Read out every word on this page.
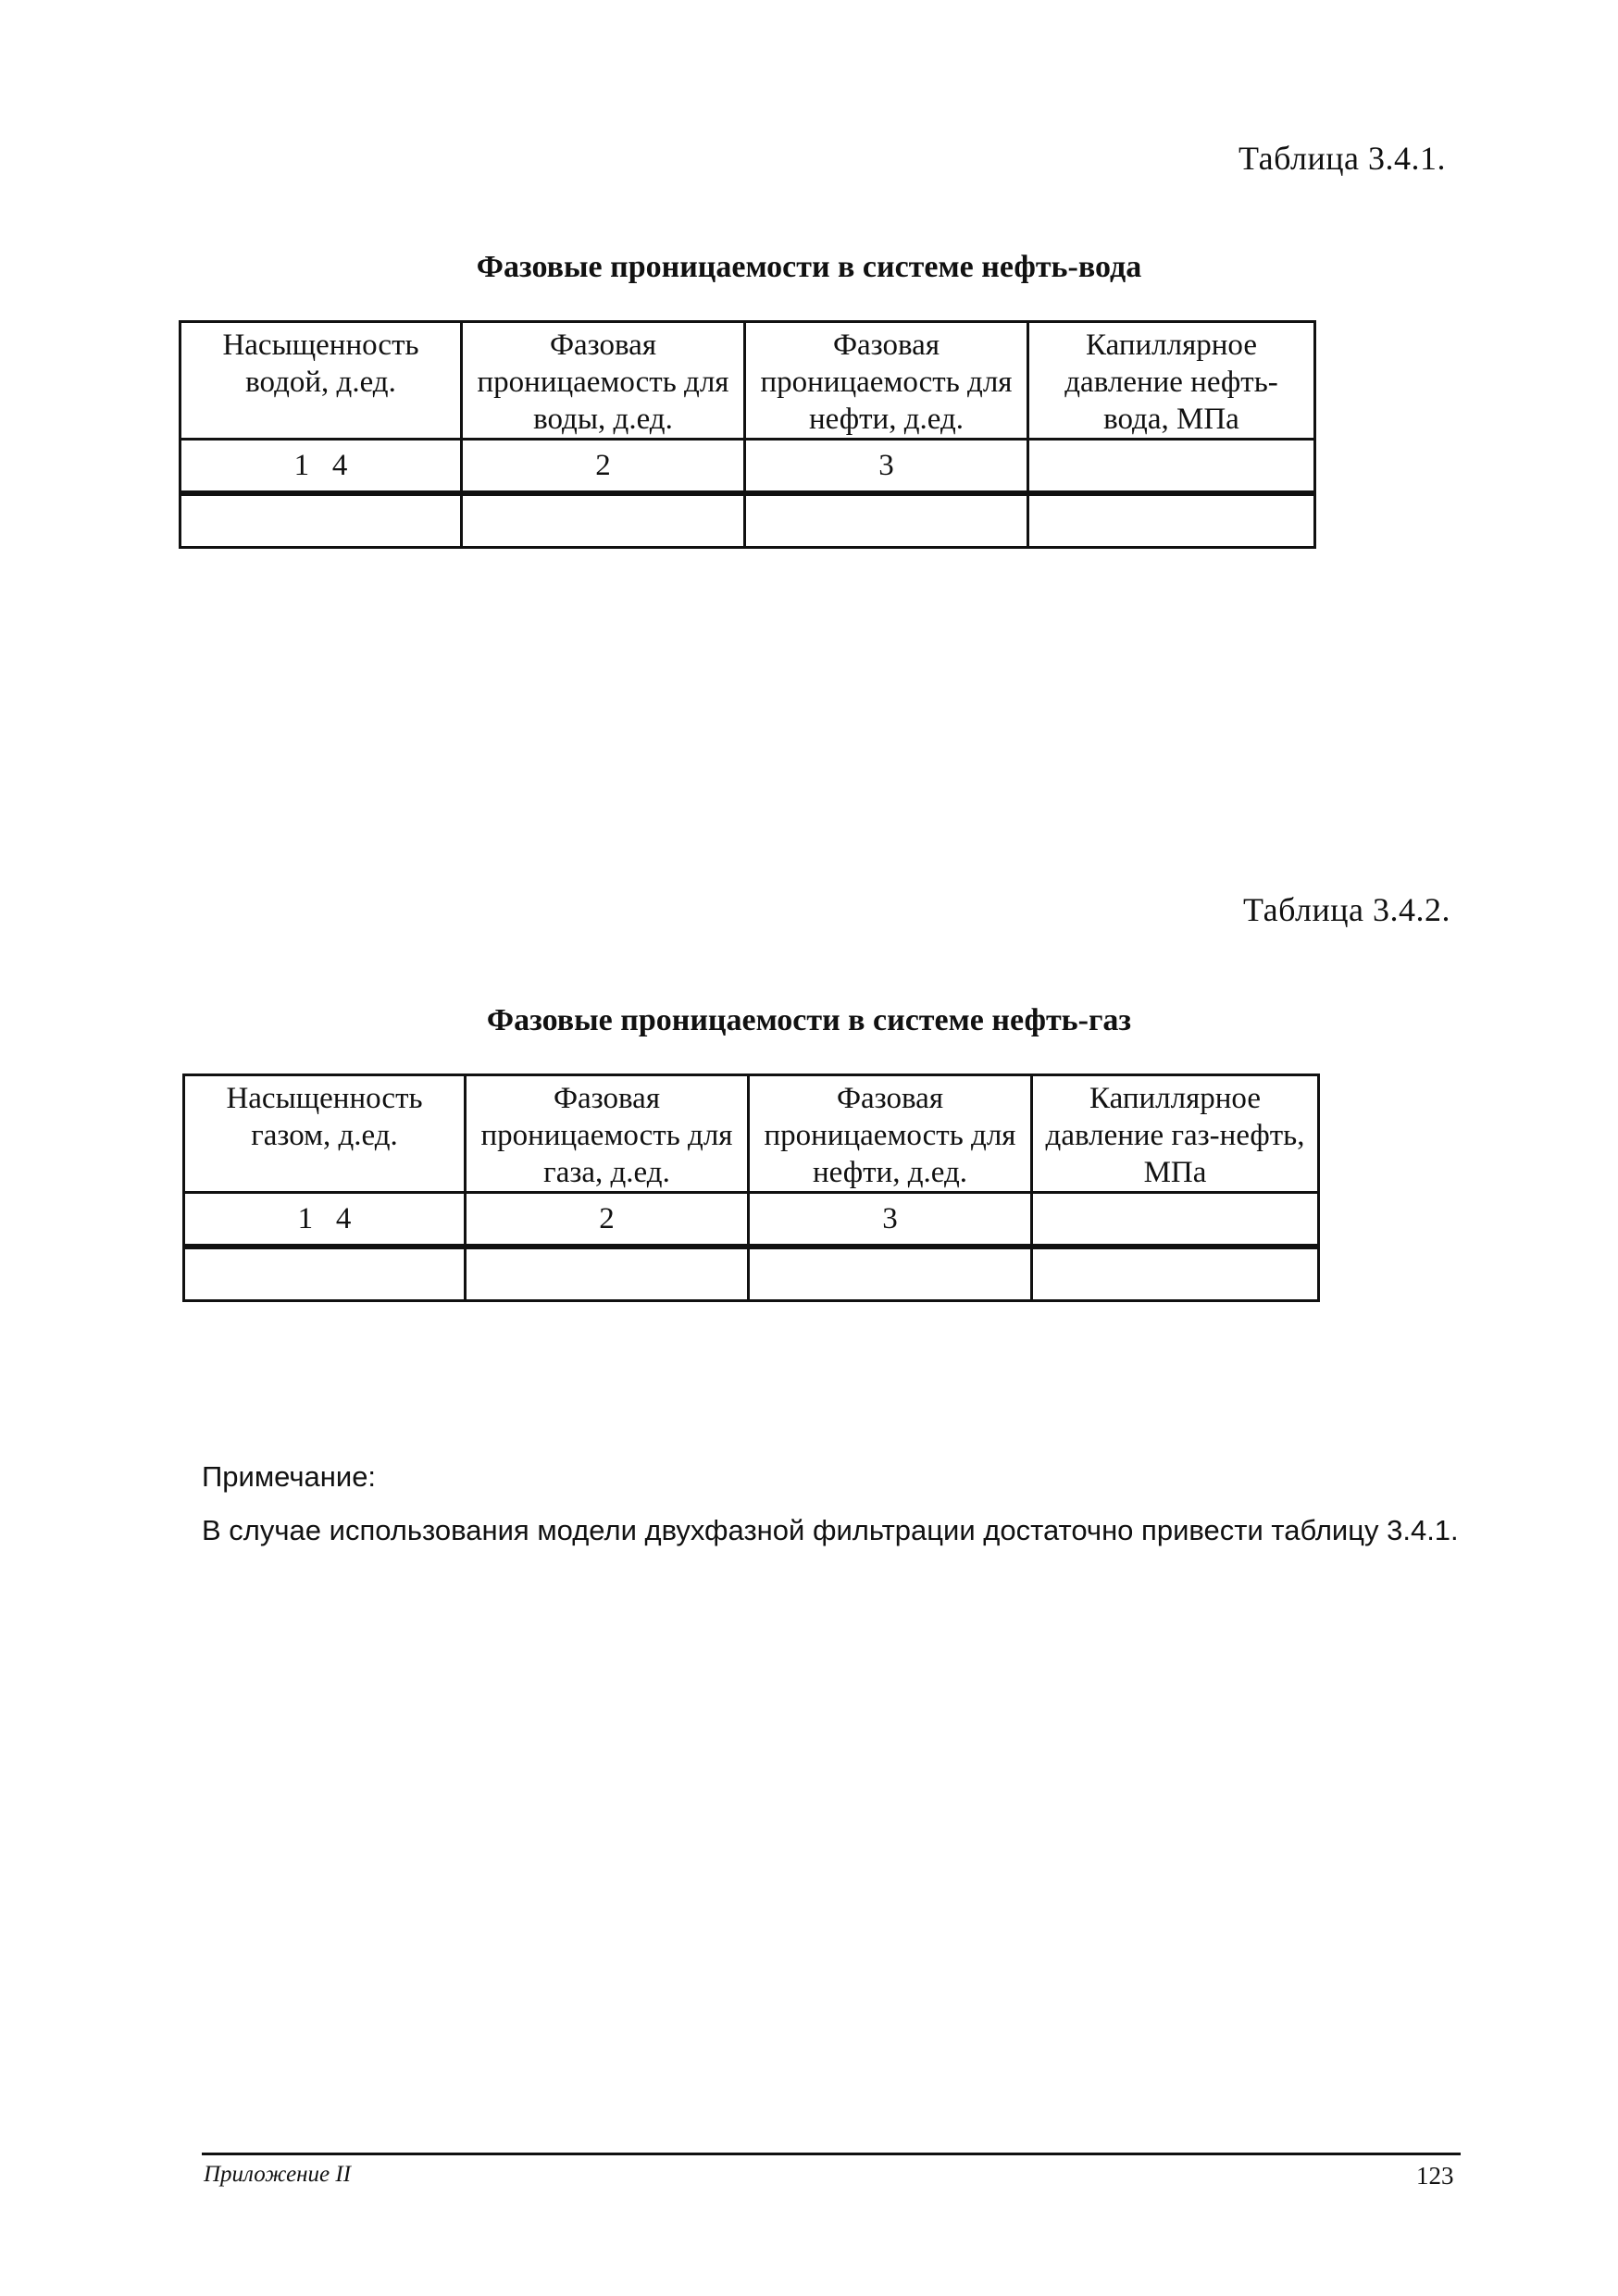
Таблица 3.4.1.
Фазовые проницаемости в системе нефть-вода
Насыщенность водой, д.ед.	Фазовая проницаемость для воды, д.ед.	Фазовая проницаемость для нефти, д.ед.	Капиллярное давление нефть-вода, МПа
1   4	2	3	

Таблица 3.4.2.
Фазовые проницаемости в системе нефть-газ
Насыщенность газом, д.ед.	Фазовая проницаемость для газа, д.ед.	Фазовая проницаемость для нефти, д.ед.	Капиллярное давление газ-нефть, МПа
1   4	2	3	

Примечание:
В случае использования модели двухфазной фильтрации достаточно привести таблицу 3.4.1.
Приложение II	123
